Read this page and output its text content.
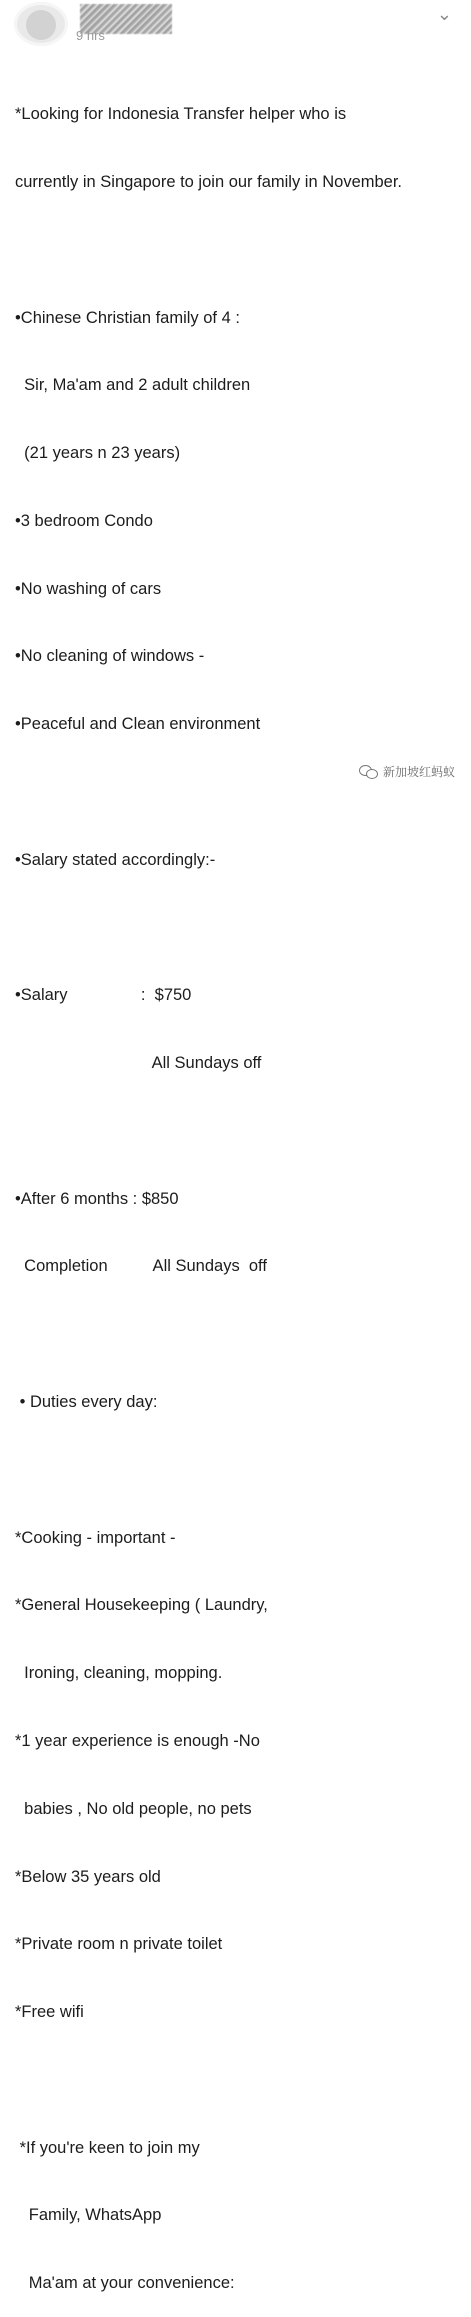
9 hrs
⌄

*Looking for Indonesia Transfer helper who is

currently in Singapore to join our family in November.

•Chinese Christian family of 4 :

Sir, Ma'am and 2 adult children

(21 years n 23 years)

•3 bedroom Condo

•No washing of cars

•No cleaning of windows -

•Peaceful and Clean environment

•Salary stated accordingly:-

•Salary                :  $750

All Sundays off

•After 6 months : $850

Completion          All Sundays  off

• Duties every day:

*Cooking - important -

*General Housekeeping ( Laundry,

Ironing, cleaning, mopping.

*1 year experience is enough -No

babies , No old people, no pets

*Below 35 years old

*Private room n private toilet

*Free wifi

*If you're keen to join my

Family, WhatsApp

Ma'am at your convenience:

新加坡红蚂蚁
